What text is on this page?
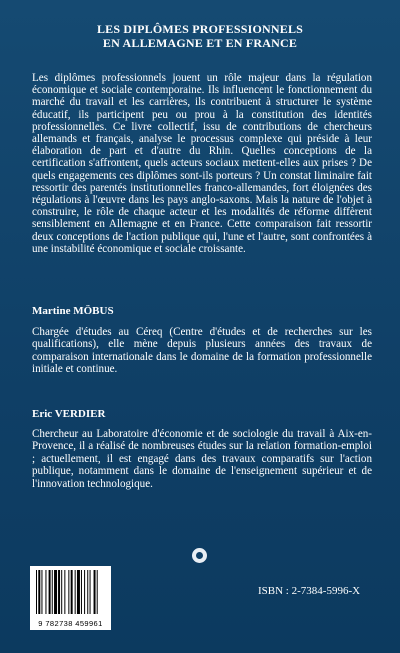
LES DIPLÔMES PROFESSIONNELS
EN ALLEMAGNE ET EN FRANCE

Les diplômes professionnels jouent un rôle majeur dans la régulation économique et sociale contemporaine. Ils influencent le fonctionnement du marché du travail et les carrières, ils contribuent à structurer le système éducatif, ils participent peu ou prou à la constitution des identités professionnelles. Ce livre collectif, issu de contributions de chercheurs allemands et français, analyse le processus complexe qui préside à leur élaboration de part et d'autre du Rhin. Quelles conceptions de la certification s'affrontent, quels acteurs sociaux mettent-elles aux prises ? De quels engagements ces diplômes sont-ils porteurs ? Un constat liminaire fait ressortir des parentés institutionnelles franco-allemandes, fort éloignées des régulations à l'œuvre dans les pays anglo-saxons. Mais la nature de l'objet à construire, le rôle de chaque acteur et les modalités de réforme diffèrent sensiblement en Allemagne et en France. Cette comparaison fait ressortir deux conceptions de l'action publique qui, l'une et l'autre, sont confrontées à une instabilité économique et sociale croissante.

Martine MÖBUS

Chargée d'études au Céreq (Centre d'études et de recherches sur les qualifications), elle mène depuis plusieurs années des travaux de comparaison internationale dans le domaine de la formation professionnelle initiale et continue.

Eric VERDIER

Chercheur au Laboratoire d'économie et de sociologie du travail à Aix-en-Provence, il a réalisé de nombreuses études sur la relation formation-emploi ; actuellement, il est engagé dans des travaux comparatifs sur l'action publique, notamment dans le domaine de l'enseignement supérieur et de l'innovation technologique.

9 782738 459961
ISBN : 2-7384-5996-X
